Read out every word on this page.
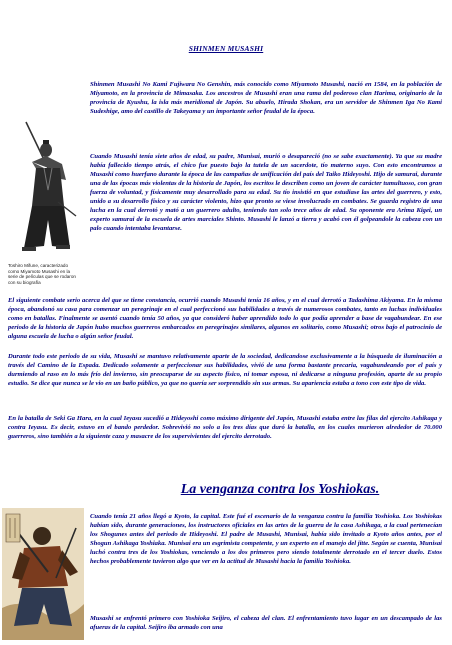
SHINMEN MUSASHI

Shinmen Musashi No Kami Fujiwara No Genshin, más conocido como Miyamoto Musashi, nació en 1584, en la población de Miyamoto, en la provincia de Mimasaka. Los ancestros de Musashi eran una rama del poderoso clan Harima, originario de la provincia de Kyushu, la isla más meridional de Japón. Su abuelo, Hirada Shokan, era un servidor de Shinmen Iga No Kami Sudeshige, amo del castillo de Takeyama y un importante señor feudal de la época.

Toshiro Mifune, caracterizado como Miyamoto Musashi en la serie de películas que se rodaron con su biografía

Cuando Musashi tenía siete años de edad, su padre, Munisai, murió o desapareció (no se sabe exactamente). Ya que su madre había fallecido tiempo atrás, el chico fue puesto bajo la tutela de un sacerdote, tío materno suyo. Con esto encontramos a Musashi como huerfano durante la época de las campañas de unificación del país del Taiko Hideyoshi. Hijo de samurai, durante una de las épocas más violentas de la historia de Japón, los escritos le describen como un joven de carácter tumultuoso, con gran fuerza de voluntad, y físicamente muy desarrollado para su edad. Su tío insistió en que estudiase las artes del guerrero, y esto, unido a su desarrollo físico y su carácter violento, hizo que pronto se viese involucrado en combates. Se guarda registro de una lucha en la cual derrotó y mató a un guerrero adulto, teniendo tan solo trece años de edad. Su oponente era Arima Kigei, un experto samurai de la escuela de artes marciales Shinto. Musashi le lanzó a tierra y acabó con él golpeandole la cabeza con un palo cuando intentaba levantarse.

El siguiente combate serio acerca del que se tiene constancia, ocurrió cuando Musashi tenía 16 años, y en el cual derrotó a Tadashima Akiyama. En la misma época, abandonó su casa para comenzar un peregrinaje en el cual perfeccionó sus habilidades a través de numerosos combates, tanto en luchas individuales como en batallas. Finalmente se asentó cuando tenía 50 años, ya que consideró haber aprendido todo lo que podía aprender a base de vagabundear. En ese periodo de la historia de Japón hubo muchos guerreros embarcados en peregrinajes similares, algunos en solitario, como Musashi; otros bajo el patrocinio de alguna escuela de lucha o algún señor feudal.

Durante todo este periodo de su vida, Musashi se mantuvo relativamente aparte de la sociedad, dedicandose exclusivamente a la búsqueda de iluminación a través del Camino de la Espada. Dedicado solamente a perfeccionar sus habilidades, vivió de una forma bastante precaria, vagabundeando por el país y durmiendo al raso en lo más frío del invierno, sin preocuparse de su aspecto físico, ni tomar esposa, ni dedicarse a ninguna profesión, aparte de su propio estudio. Se dice que nunca se le vio en un baño público, ya que no quería ser sorprendido sin sus armas. Su apariencia estaba a tono con este tipo de vida.

En la batalla de Seki Ga Hara, en la cual Ieyasu sucedió a Hideyoshi como máximo dirigente del Japón, Musashi estaba entre las filas del ejercito Ashikaga y contra Ieyasu. Es decir, estuvo en el bando perdedor. Sobrevivió no solo a los tres días que duró la batalla, en los cuales murieron alrededor de 70.000 guerreros, sino también a la siguiente caza y masacre de los supervivientes del ejercito derrotado.

La venganza contra los Yoshiokas.

Cuando tenía 21 años llegó a Kyoto, la capital. Este fué el escenario de la venganza contra la familia Yoshioka. Los Yoshiokas habían sido, durante generaciones, los instructores oficiales en las artes de la guerra de la casa Ashikaga, a la cual pertenecían los Shogunes antes del periodo de Hideyoshi. El padre de Musashi, Munisai, había sido invitado a Kyoto años antes, por el Shogun Ashikaga Yoshiaka. Munisai era un esgrimista competente, y un experto en el manejo del jitte. Según se cuenta, Munisai luchó contra tres de los Yoshiokas, venciendo a los dos primeros pero siendo totalmente derrotado en el tercer duelo. Estos hechos probablemente tuvieron algo que ver en la actitud de Musashi hacia la familia Yoshioka.

Musashi se enfrentó primero con Yoshioka Seijiro, el cabeza del clan. El enfrentamiento tuvo lugar en un descampado de las afueras de la capital. Seijiro iba armado con una
